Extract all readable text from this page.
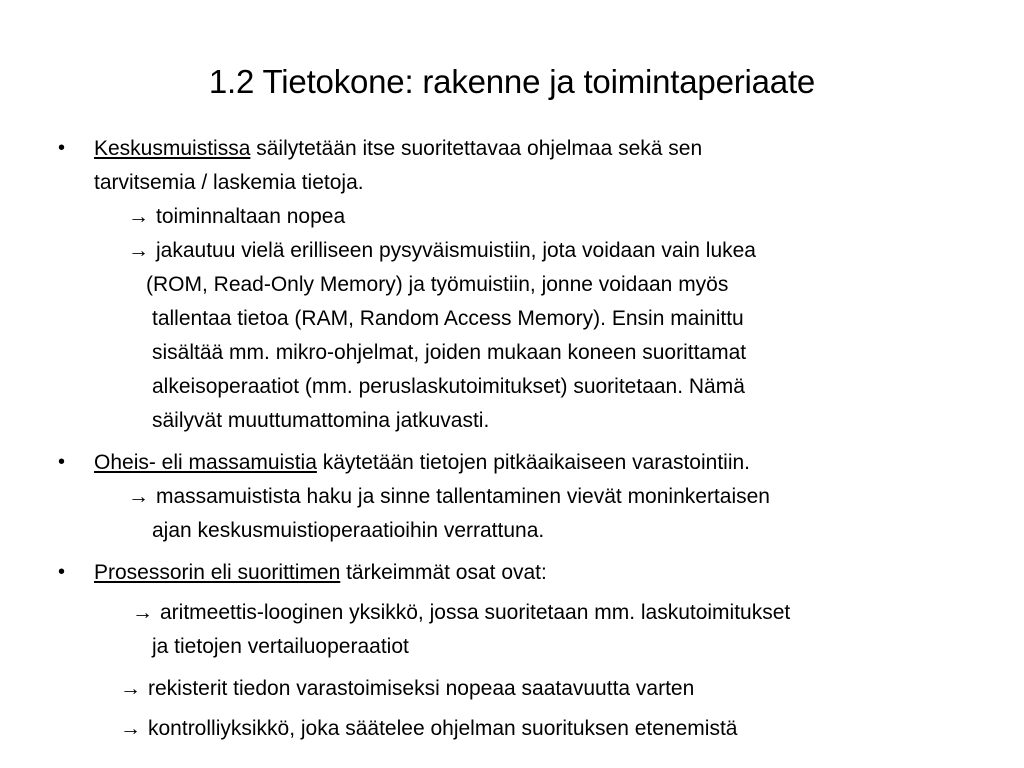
1.2 Tietokone: rakenne ja toimintaperiaate
• Keskusmuistissa säilytetään itse suoritettavaa ohjelmaa sekä sen
tarvitsemia / laskemia tietoja.
→ toiminnaltaan nopea
→ jakautuu vielä erilliseen pysyväismuistiin, jota voidaan vain lukea
(ROM, Read-Only Memory) ja työmuistiin, jonne voidaan myös
tallentaa tietoa (RAM, Random Access Memory). Ensin mainittu
sisältää mm. mikro-ohjelmat, joiden mukaan koneen suorittamat
alkeisoperaatiot (mm. peruslaskutoimitukset) suoritetaan. Nämä
säilyvät muuttumattomina jatkuvasti.
• Oheis- eli massamuistia käytetään tietojen pitkäaikaiseen varastointiin.
→ massamuistista haku ja sinne tallentaminen vievät moninkertaisen
ajan keskusmuistioperaatioihin verrattuna.
• Prosessorin eli suorittimen tärkeimmät osat ovat:
→ aritmeettis-looginen yksikkö, jossa suoritetaan mm. laskutoimitukset
ja tietojen vertailuoperaatiot
→ rekisterit tiedon varastoimiseksi nopeaa saatavuutta varten
→ kontrolliyksikkö, joka säätelee ohjelman suorituksen etenemistä
